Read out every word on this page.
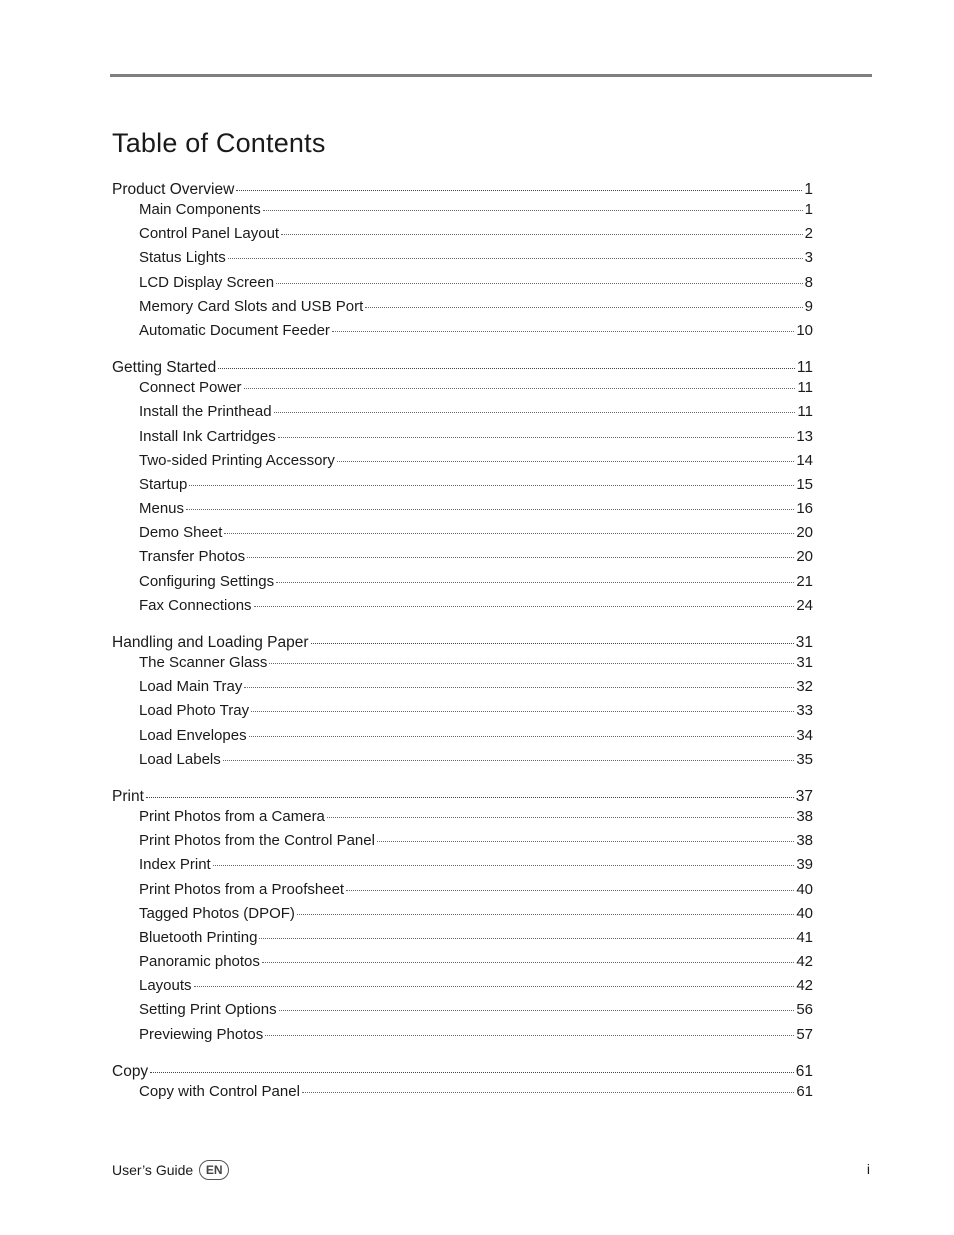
Table of Contents
Product Overview	1
Main Components	1
Control Panel Layout	2
Status Lights	3
LCD Display Screen	8
Memory Card Slots and USB Port	9
Automatic Document Feeder	10
Getting Started	11
Connect Power	11
Install the Printhead	11
Install Ink Cartridges	13
Two-sided Printing Accessory	14
Startup	15
Menus	16
Demo Sheet	20
Transfer Photos	20
Configuring Settings	21
Fax Connections	24
Handling and Loading Paper	31
The Scanner Glass	31
Load Main Tray	32
Load Photo Tray	33
Load Envelopes	34
Load Labels	35
Print	37
Print Photos from a Camera	38
Print Photos from the Control Panel	38
Index Print	39
Print Photos from a Proofsheet	40
Tagged Photos (DPOF)	40
Bluetooth Printing	41
Panoramic photos	42
Layouts	42
Setting Print Options	56
Previewing Photos	57
Copy	61
Copy with Control Panel	61
User’s Guide	EN	i
